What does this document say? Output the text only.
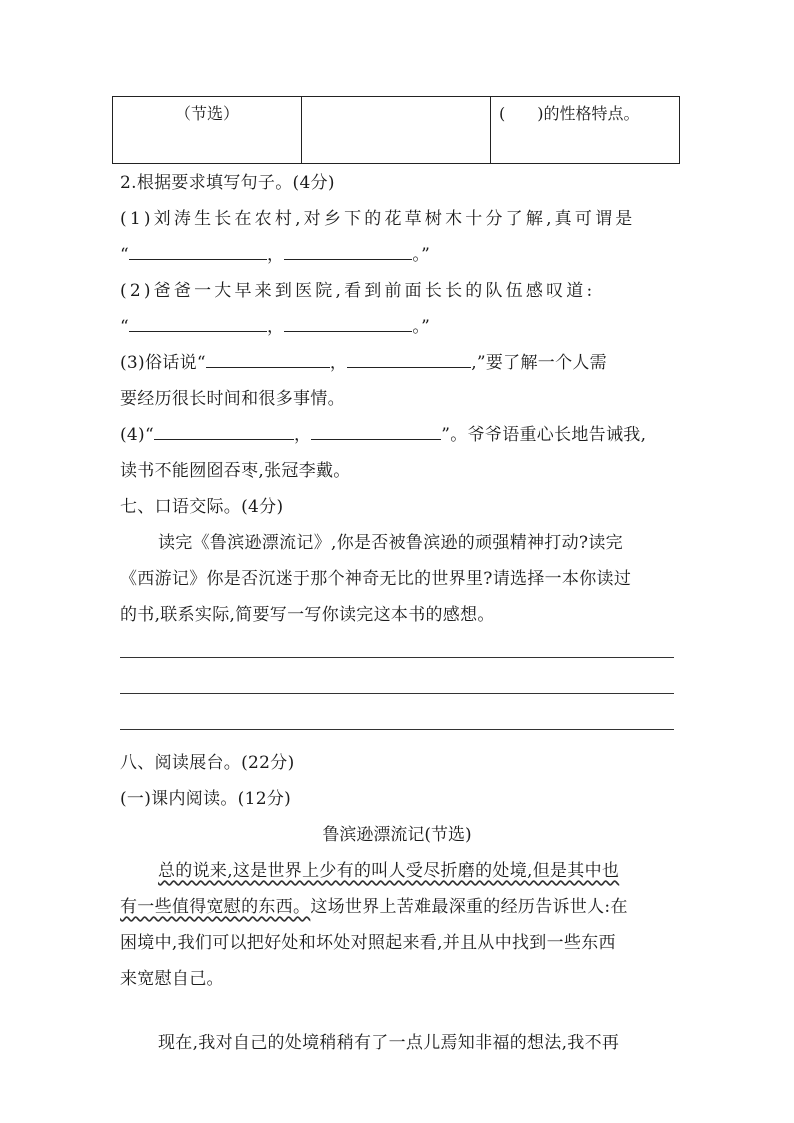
（节选）		(　　)的性格特点。
2.根据要求填写句子。(4分)
(1)刘涛生长在农村,对乡下的花草树木十分了解,真可谓是
“	，	。”
(2)爸爸一大早来到医院,看到前面长长的队伍感叹道:
“	，	。”
(3)俗话说“	，	,”要了解一个人需
要经历很长时间和很多事情。
(4)“	，	”。爷爷语重心长地告诫我,
读书不能囫囵吞枣,张冠李戴。
七、口语交际。(4分)
读完《鲁滨逊漂流记》,你是否被鲁滨逊的顽强精神打动?读完
《西游记》你是否沉迷于那个神奇无比的世界里?请选择一本你读过
的书,联系实际,简要写一写你读完这本书的感想。
八、阅读展台。(22分)
(一)课内阅读。(12分)
鲁滨逊漂流记(节选)
总的说来,这是世界上少有的叫人受尽折磨的处境,但是其中也
有一些值得宽慰的东西。这场世界上苦难最深重的经历告诉世人:在
困境中,我们可以把好处和坏处对照起来看,并且从中找到一些东西
来宽慰自己。
现在,我对自己的处境稍稍有了一点儿焉知非福的想法,我不再
